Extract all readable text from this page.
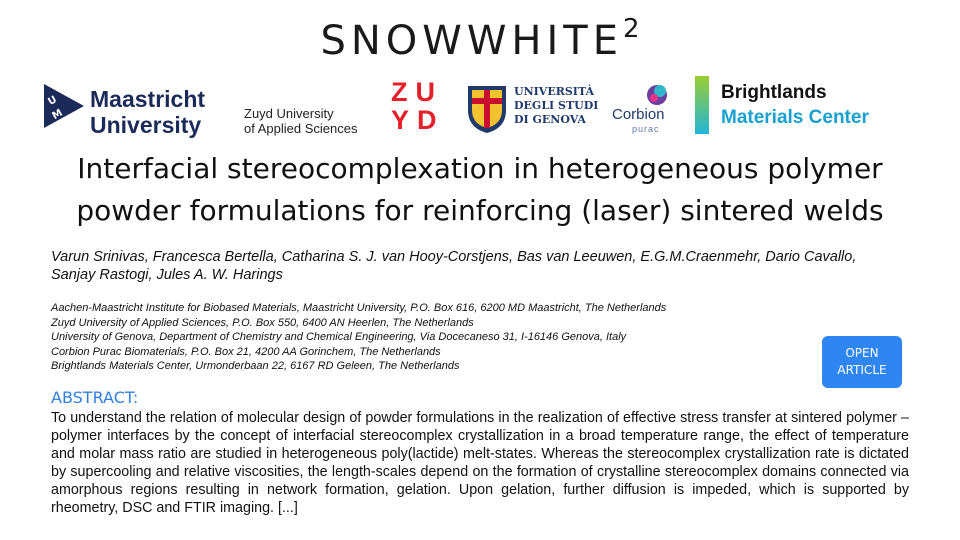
SNOWWHITE$^2$
U
M
Maastricht
University	Zuyd University
of Applied Sciences
ZU
YD
UNIVERSITÀ
DEGLI STUDI
DI GENOVA	Corbion
purac
Brightlands
Materials Center
Interfacial stereocomplexation in heterogeneous polymer
powder formulations for reinforcing (laser) sintered welds
Varun Srinivas, Francesca Bertella, Catharina S. J. van Hooy-Corstjens, Bas van Leeuwen, E.G.M.Craenmehr, Dario Cavallo,
Sanjay Rastogi, Jules A. W. Harings
Aachen-Maastricht Institute for Biobased Materials, Maastricht University, P.O. Box 616, 6200 MD Maastricht, The Netherlands
Zuyd University of Applied Sciences, P.O. Box 550, 6400 AN Heerlen, The Netherlands
University of Genova, Department of Chemistry and Chemical Engineering, Via Docecaneso 31, I-16146 Genova, Italy
Corbion Purac Biomaterials, P.O. Box 21, 4200 AA Gorinchem, The Netherlands
Brightlands Materials Center, Urmonderbaan 22, 6167 RD Geleen, The Netherlands
OPEN
ARTICLE
ABSTRACT:
To understand the relation of molecular design of powder formulations in the realization of effective stress transfer at sintered polymer – polymer interfaces by the concept of interfacial stereocomplex crystallization in a broad temperature range, the effect of temperature and molar mass ratio are studied in heterogeneous poly(lactide) melt-states. Whereas the stereocomplex crystallization rate is dictated by supercooling and relative viscosities, the length-scales depend on the formation of crystalline stereocomplex domains connected via amorphous regions resulting in network formation, gelation. Upon gelation, further diffusion is impeded, which is supported by rheometry, DSC and FTIR imaging. [...]
